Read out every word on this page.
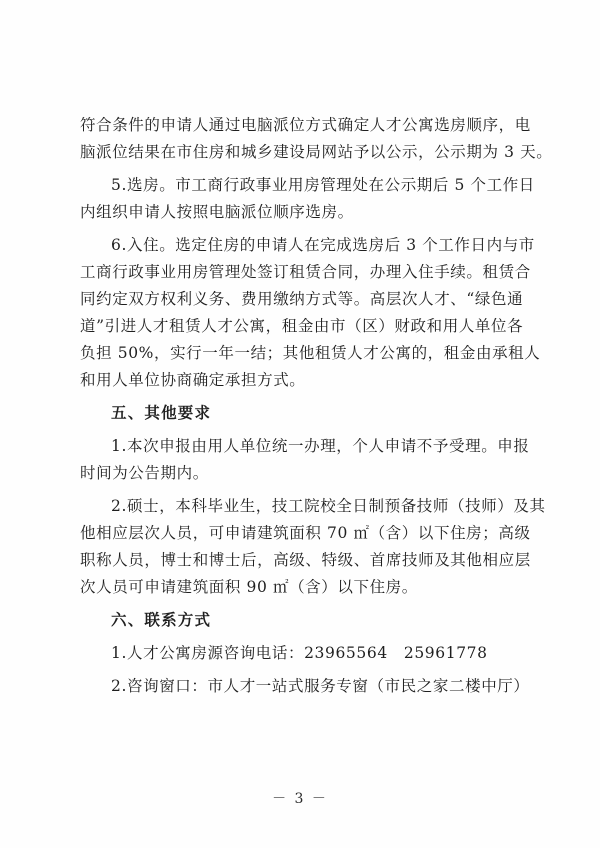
符合条件的申请人通过电脑派位方式确定人才公寓选房顺序，电
脑派位结果在市住房和城乡建设局网站予以公示，公示期为 3 天。
5.选房。市工商行政事业用房管理处在公示期后 5 个工作日
内组织申请人按照电脑派位顺序选房。
6.入住。选定住房的申请人在完成选房后 3 个工作日内与市
工商行政事业用房管理处签订租赁合同，办理入住手续。租赁合
同约定双方权利义务、费用缴纳方式等。高层次人才、“绿色通
道”引进人才租赁人才公寓，租金由市（区）财政和用人单位各
负担 50%，实行一年一结；其他租赁人才公寓的，租金由承租人
和用人单位协商确定承担方式。
五、其他要求
1.本次申报由用人单位统一办理，个人申请不予受理。申报
时间为公告期内。
2.硕士，本科毕业生，技工院校全日制预备技师（技师）及其
他相应层次人员，可申请建筑面积 70 ㎡（含）以下住房；高级
职称人员，博士和博士后，高级、特级、首席技师及其他相应层
次人员可申请建筑面积 90 ㎡（含）以下住房。
六、联系方式
1.人才公寓房源咨询电话：23965564　25961778
2.咨询窗口：市人才一站式服务专窗（市民之家二楼中厅）
－ 3 －
